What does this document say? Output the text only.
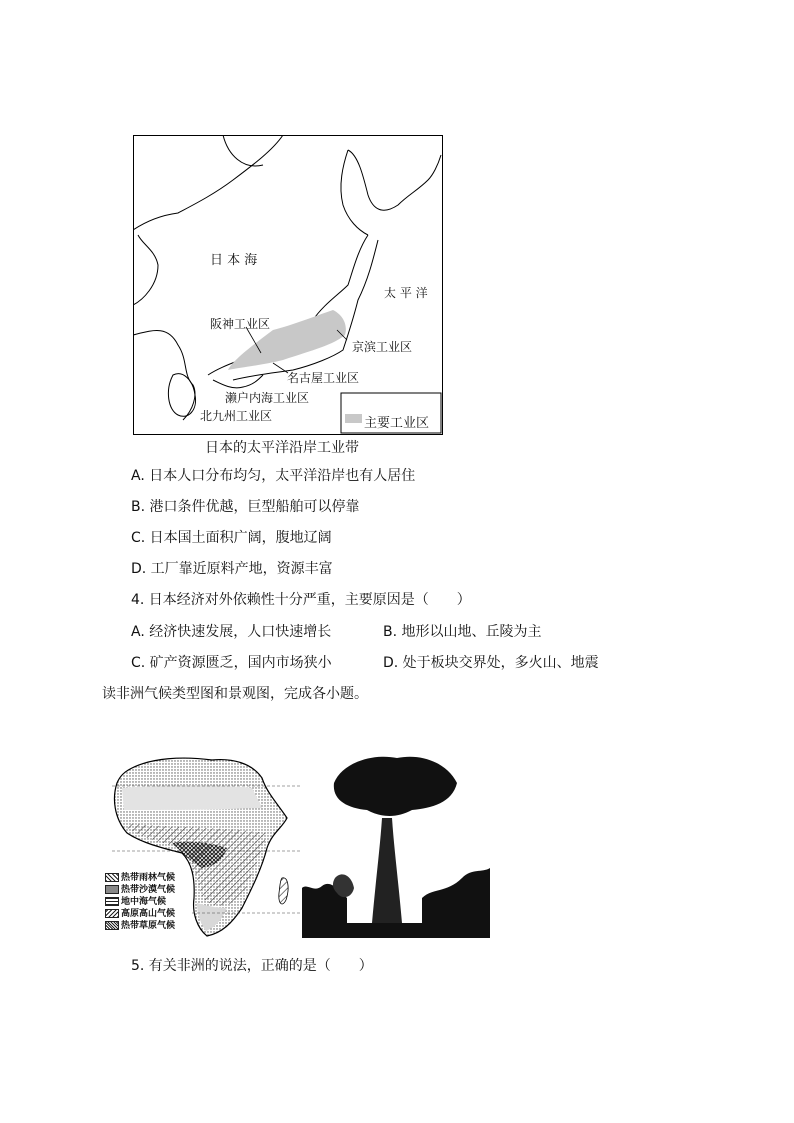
日 本 海
太 平 洋
阪神工业区
京滨工业区
名古屋工业区
濑户内海工业区
北九州工业区	主要工业区
日本的太平洋沿岸工业带
A. 日本人口分布均匀，太平洋沿岸也有人居住
B. 港口条件优越，巨型船舶可以停靠
C. 日本国土面积广阔，腹地辽阔
D. 工厂靠近原料产地，资源丰富
4. 日本经济对外依赖性十分严重，主要原因是（　　）
A. 经济快速发展，人口快速增长	B. 地形以山地、丘陵为主
C. 矿产资源匮乏，国内市场狭小	D. 处于板块交界处，多火山、地震
读非洲气候类型图和景观图，完成各小题。
热带雨林气候
热带沙漠气候
地中海气候
高原高山气候
热带草原气候
5. 有关非洲的说法，正确的是（　　）
